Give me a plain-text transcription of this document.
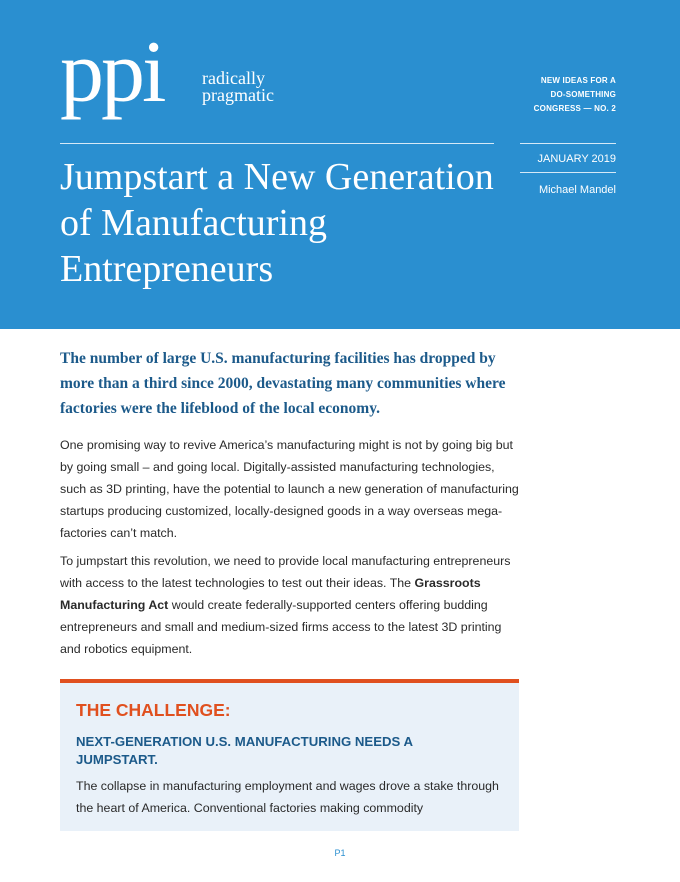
ppi radically pragmatic
NEW IDEAS FOR A
DO-SOMETHING
CONGRESS — NO. 2
JANUARY 2019
Michael Mandel
Jumpstart a New Generation of Manufacturing Entrepreneurs

The number of large U.S. manufacturing facilities has dropped by more than a third since 2000, devastating many communities where factories were the lifeblood of the local economy.

One promising way to revive America’s manufacturing might is not by going big but by going small – and going local. Digitally-assisted manufacturing technologies, such as 3D printing, have the potential to launch a new generation of manufacturing startups producing customized, locally-designed goods in a way overseas mega-factories can’t match.

To jumpstart this revolution, we need to provide local manufacturing entrepreneurs with access to the latest technologies to test out their ideas. The Grassroots Manufacturing Act would create federally-supported centers offering budding entrepreneurs and small and medium-sized firms access to the latest 3D printing and robotics equipment.

THE CHALLENGE:
NEXT-GENERATION U.S. MANUFACTURING NEEDS A JUMPSTART.

The collapse in manufacturing employment and wages drove a stake through the heart of America. Conventional factories making commodity

P1
